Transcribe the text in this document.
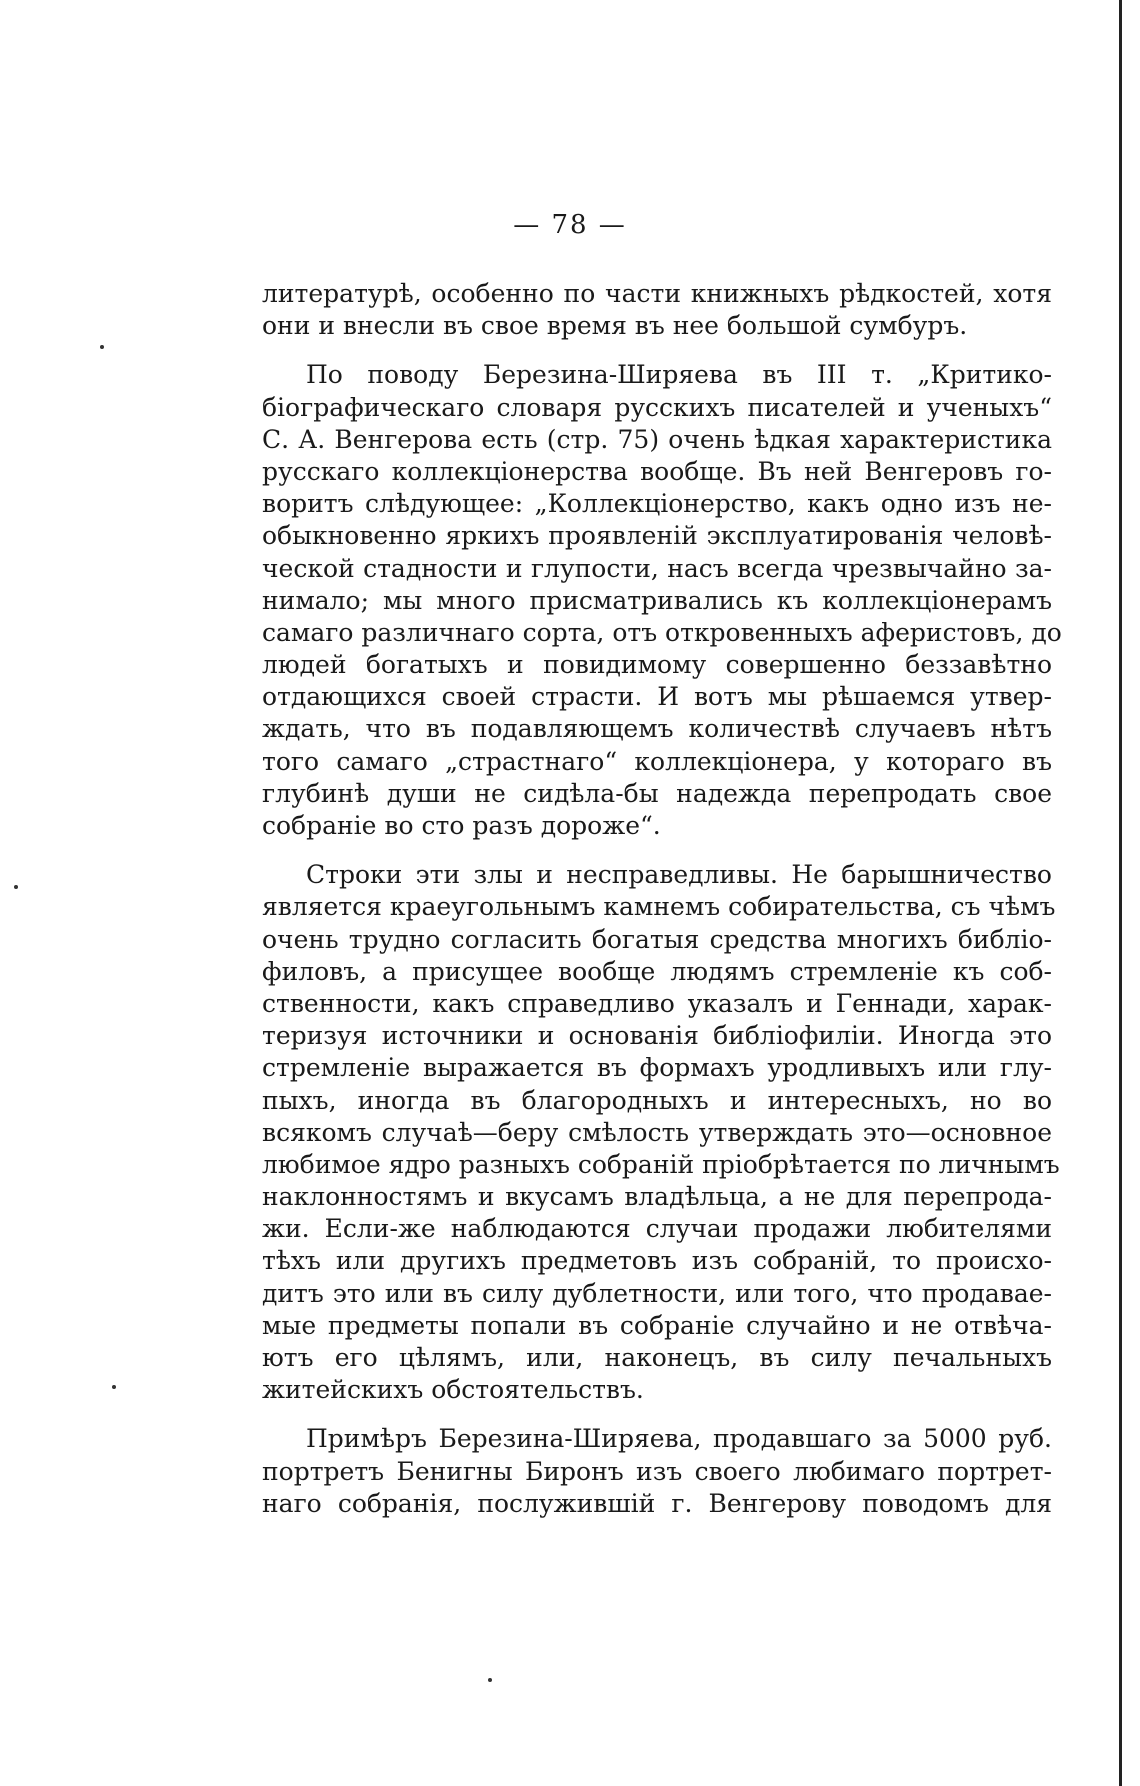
— 78 —
литературѣ, особенно по части книжныхъ рѣдкостей, хотя
они и внесли въ свое время въ нее большой сумбуръ.
По поводу Березина-Ширяева въ III т. „Критико-
біографическаго словаря русскихъ писателей и ученыхъ“
С. А. Венгерова есть (стр. 75) очень ѣдкая характеристика
русскаго коллекціонерства вообще. Въ ней Венгеровъ го-
воритъ слѣдующее: „Коллекціонерство, какъ одно изъ не-
обыкновенно яркихъ проявленій эксплуатированія человѣ-
ческой стадности и глупости, насъ всегда чрезвычайно за-
нимало; мы много присматривались къ коллекціонерамъ
самаго различнаго сорта, отъ откровенныхъ аферистовъ, до
людей богатыхъ и повидимому совершенно беззавѣтно
отдающихся своей страсти. И вотъ мы рѣшаемся утвер-
ждать, что въ подавляющемъ количествѣ случаевъ нѣтъ
того самаго „страстнаго“ коллекціонера, у котораго въ
глубинѣ души не сидѣла-бы надежда перепродать свое
собраніе во сто разъ дороже“.
Строки эти злы и несправедливы. Не барышничество
является краеугольнымъ камнемъ собирательства, съ чѣмъ
очень трудно согласить богатыя средства многихъ библіо-
филовъ, а присущее вообще людямъ стремленіе къ соб-
ственности, какъ справедливо указалъ и Геннади, харак-
теризуя источники и основанія библіофиліи. Иногда это
стремленіе выражается въ формахъ уродливыхъ или глу-
пыхъ, иногда въ благородныхъ и интересныхъ, но во
всякомъ случаѣ—беру смѣлость утверждать это—основное
любимое ядро разныхъ собраній пріобрѣтается по личнымъ
наклонностямъ и вкусамъ владѣльца, а не для перепрода-
жи. Если-же наблюдаются случаи продажи любителями
тѣхъ или другихъ предметовъ изъ собраній, то происхо-
дитъ это или въ силу дублетности, или того, что продавае-
мые предметы попали въ собраніе случайно и не отвѣча-
ютъ его цѣлямъ, или, наконецъ, въ силу печальныхъ
житейскихъ обстоятельствъ.
Примѣръ Березина-Ширяева, продавшаго за 5000 руб.
портретъ Бенигны Биронъ изъ своего любимаго портрет-
наго собранія, послужившій г. Венгерову поводомъ для
